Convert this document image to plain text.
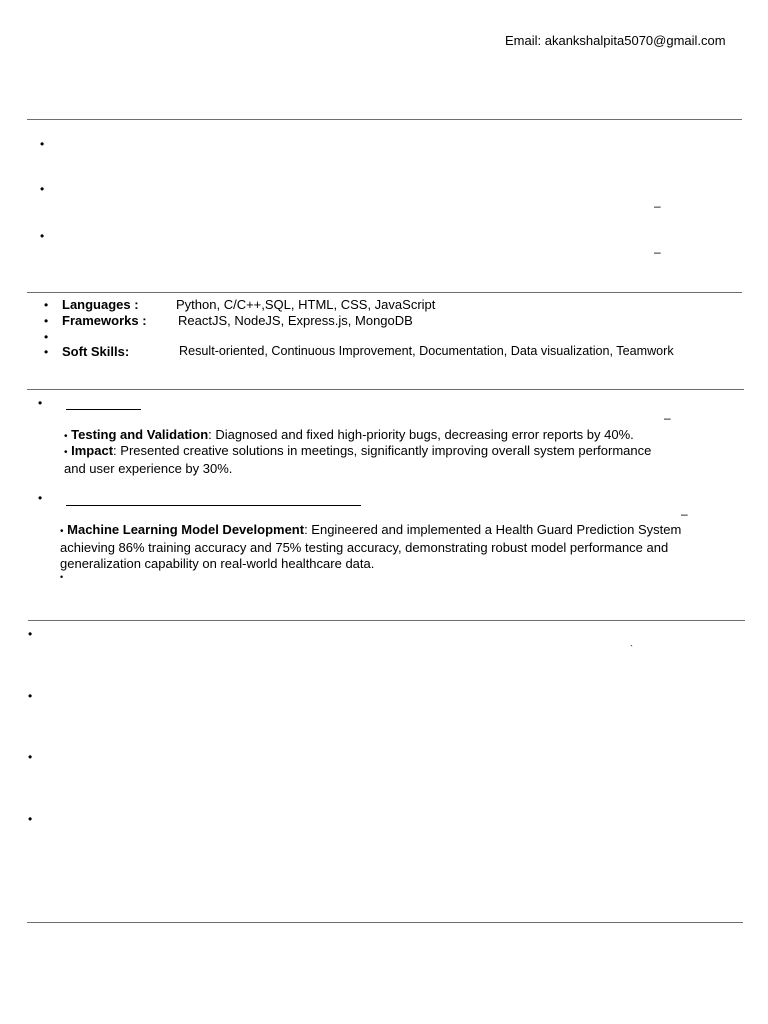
Email: akankshalpita5070@gmail.com
•
•
–
•
–
• Languages :	Python, C/C++,SQL, HTML, CSS, JavaScript
• Frameworks : ReactJS, NodeJS, Express.js, MongoDB
•
• Soft Skills:	Result-oriented, Continuous Improvement, Documentation, Data visualization, Teamwork
•
–
• Testing and Validation: Diagnosed and fixed high-priority bugs, decreasing error reports by 40%.
• Impact: Presented creative solutions in meetings, significantly improving overall system performance and user experience by 30%.
•
–
• Machine Learning Model Development: Engineered and implemented a Health Guard Prediction System achieving 86% training accuracy and 75% testing accuracy, demonstrating robust model performance and generalization capability on real-world healthcare data.
•
•
`
•
•
•
